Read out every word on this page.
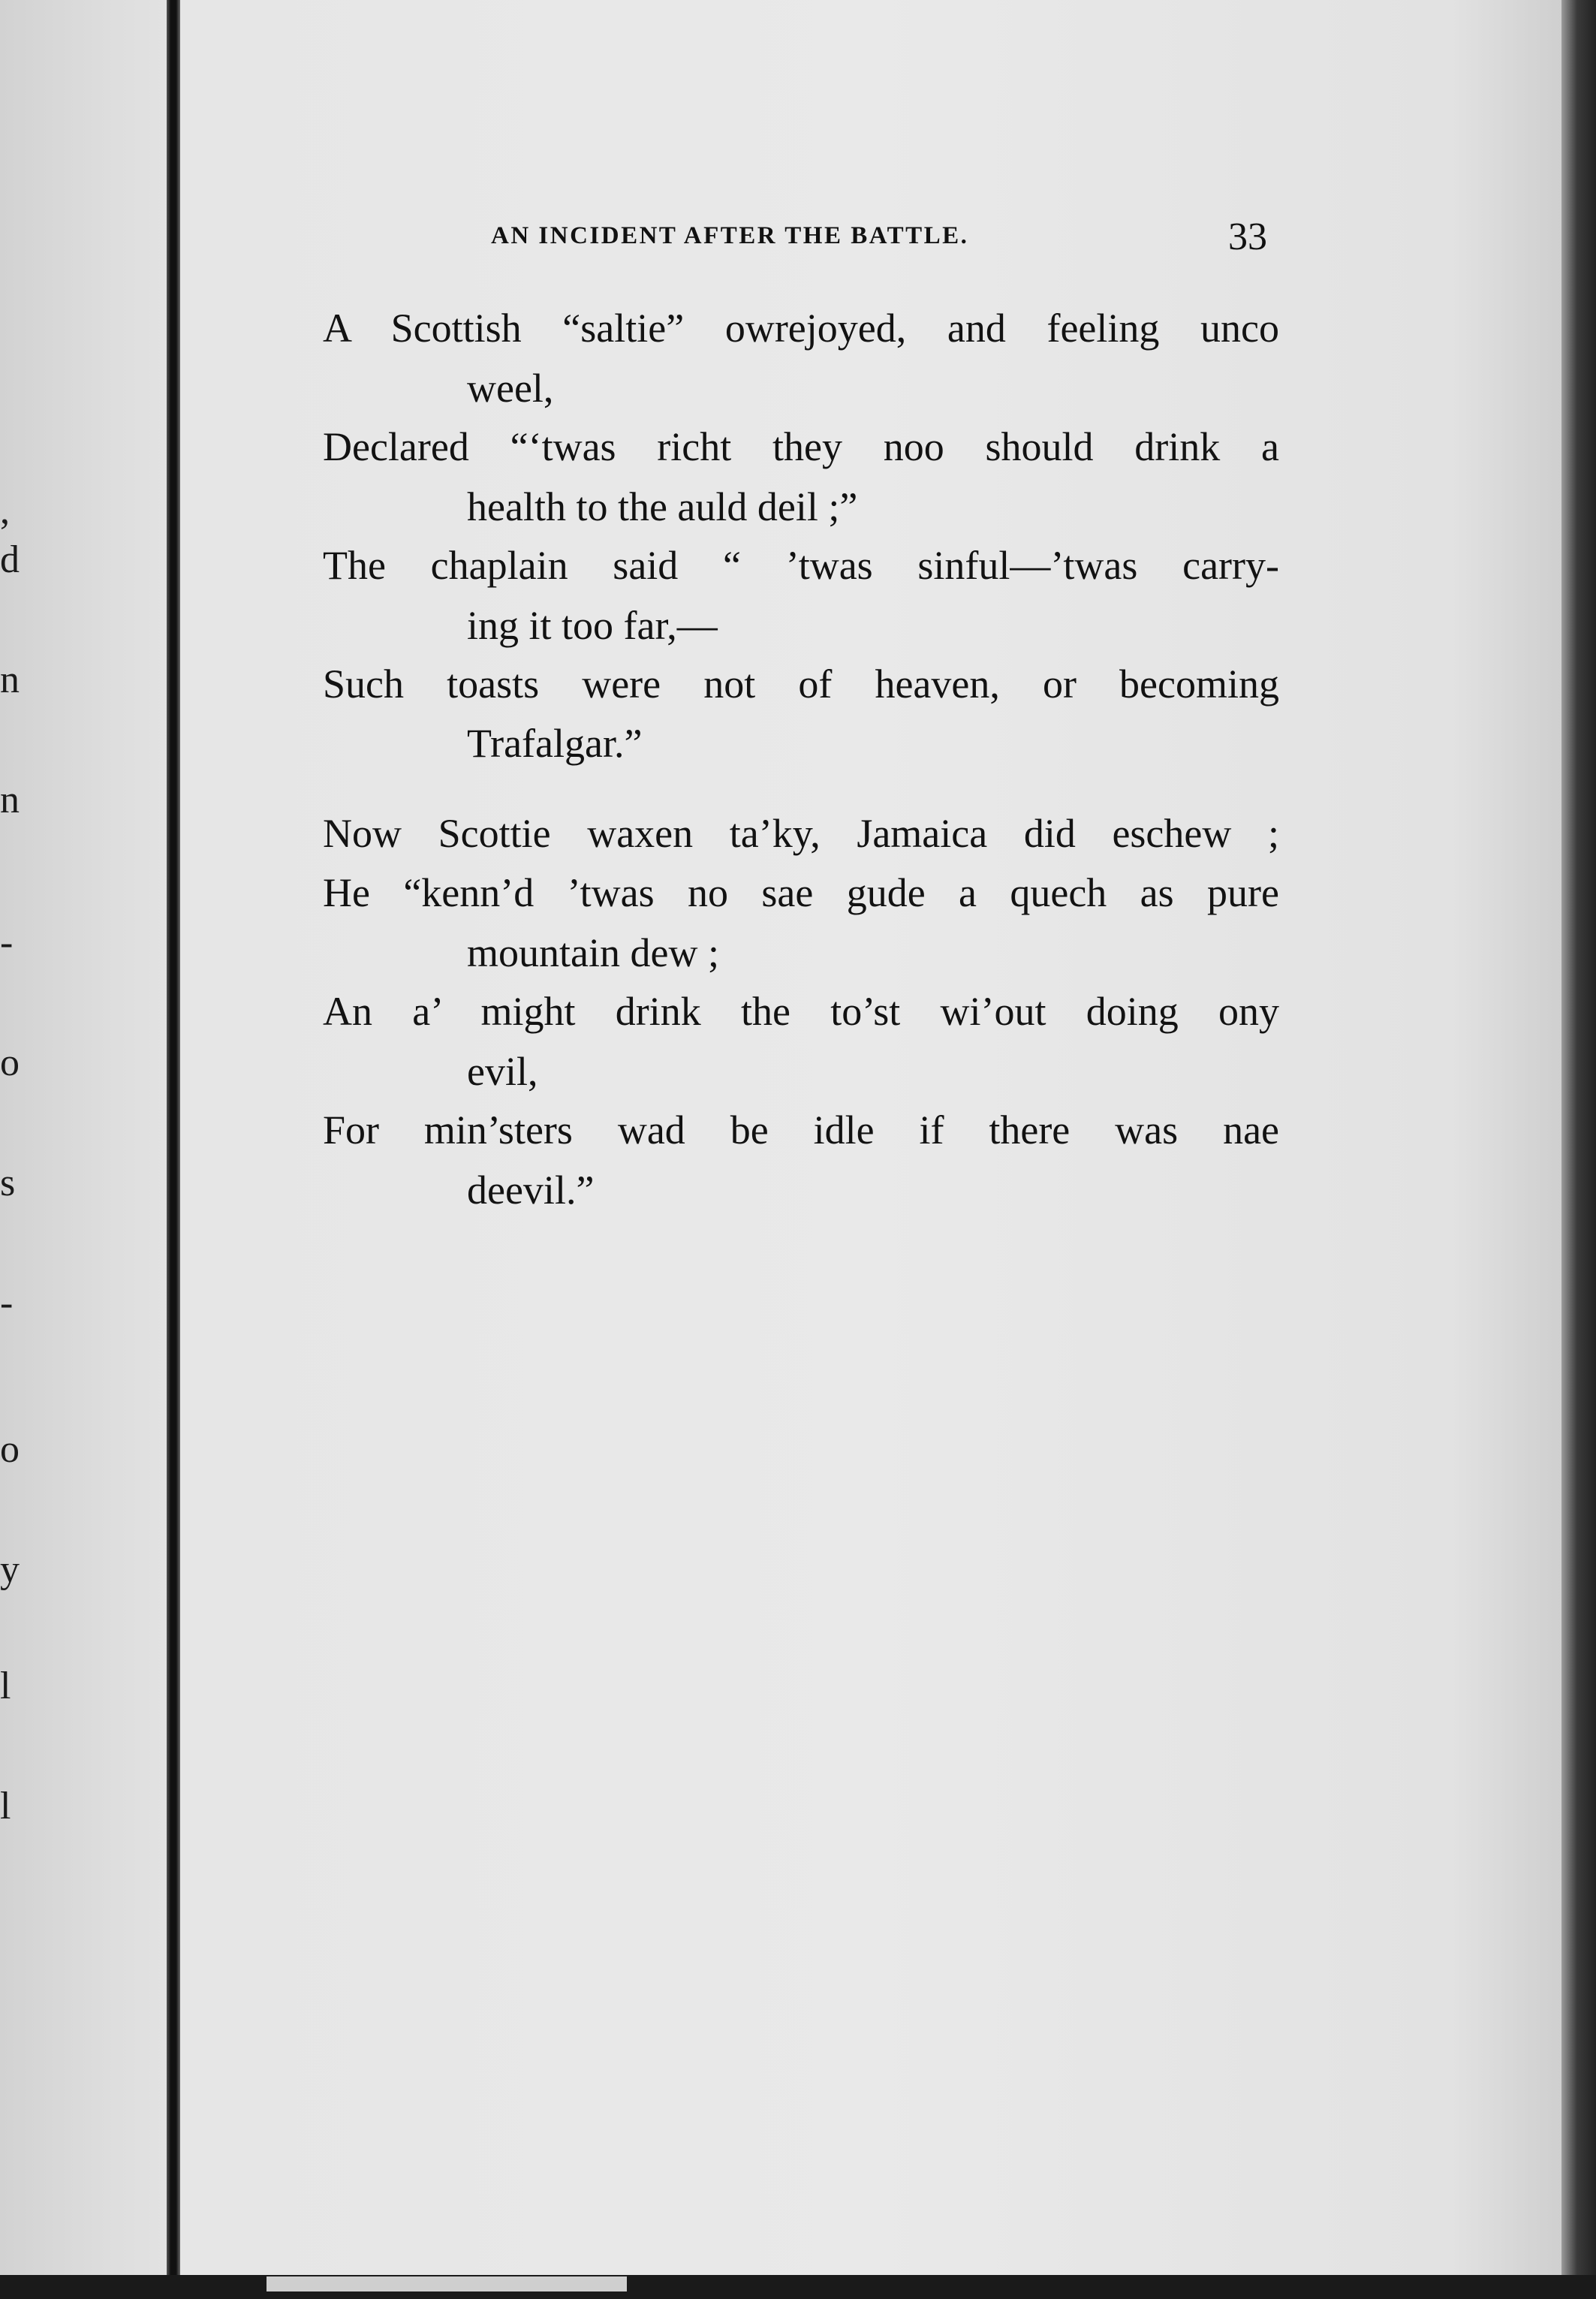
,
d
n
n
-
o
s
-
o
y
l
l
AN INCIDENT AFTER THE BATTLE.	33
A Scottish “saltie” owrejoyed, and feeling unco
weel,
Declared “‘twas richt they noo should drink a
health to the auld deil ;”
The chaplain said “ ’twas sinful—’twas carry-
ing it too far,—
Such toasts were not of heaven, or becoming
Trafalgar.”
Now Scottie waxen ta’ky, Jamaica did eschew ;
He “kenn’d ’twas no sae gude a quech as pure
mountain dew ;
An a’ might drink the to’st wi’out doing ony
evil,
For min’sters wad be idle if there was nae
deevil.”
